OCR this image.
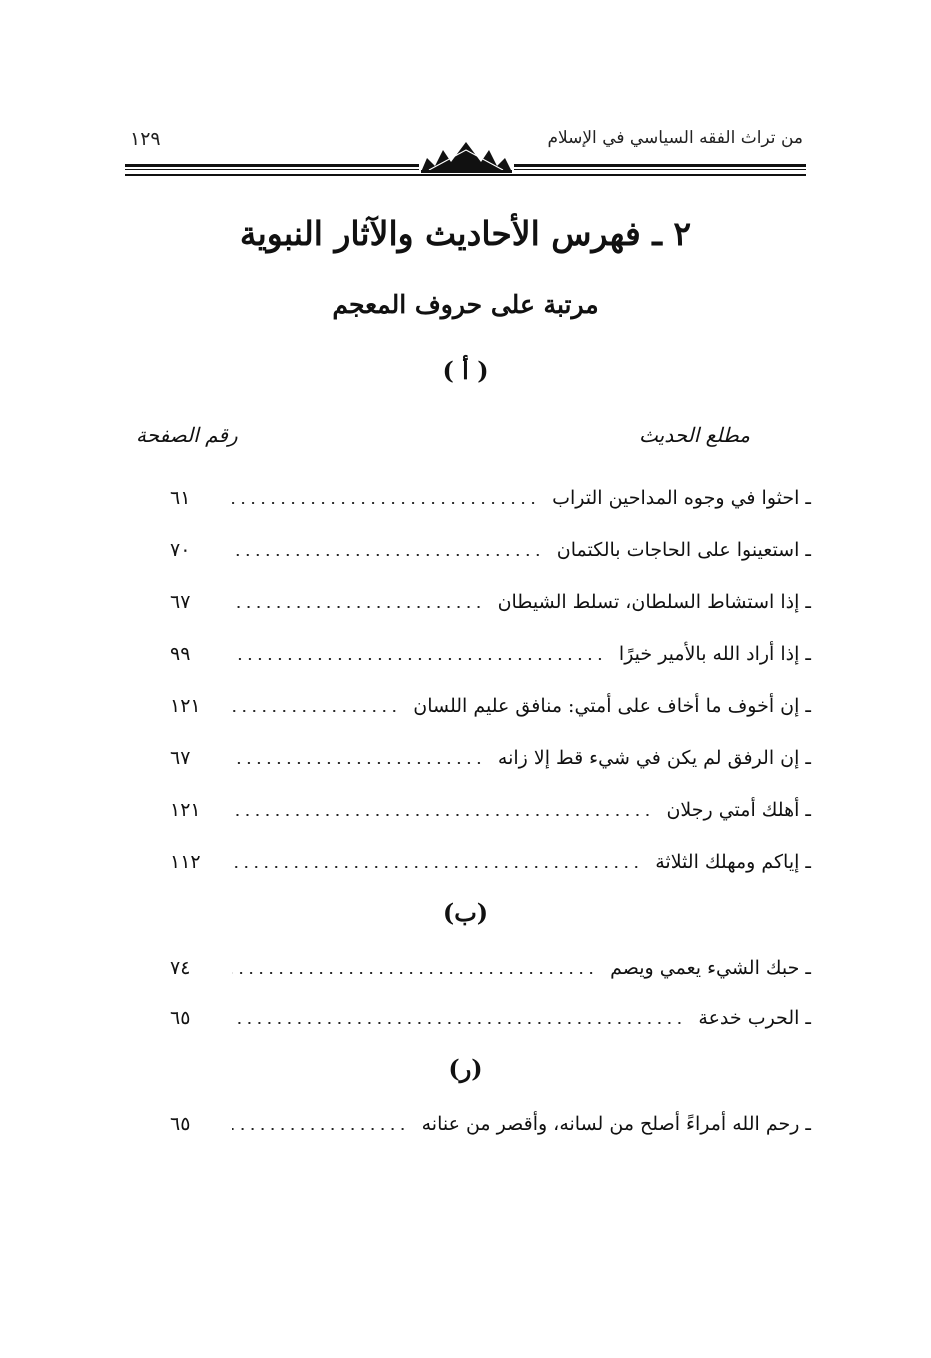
من تراث الفقه السياسي في الإسلام
١٢٩
٢ ـ فهرس الأحاديث والآثار النبوية
مرتبة على حروف المعجم
( أ )
مطلع الحديث
رقم الصفحة
ـ احثوا في وجوه المداحين التراب
٦١
ـ استعينوا على الحاجات بالكتمان
٧٠
ـ إذا استشاط السلطان، تسلط الشيطان
٦٧
ـ إذا أراد الله بالأمير خيرًا
٩٩
ـ إن أخوف ما أخاف على أمتي: منافق عليم اللسان
١٢١
ـ إن الرفق لم يكن في شيء قط إلا زانه
٦٧
ـ أهلك أمتي رجلان
١٢١
ـ إياكم ومهلك الثلاثة
١١٢
(ب)
ـ حبك الشيء يعمي ويصم
٧٤
ـ الحرب خدعة
٦٥
(ر)
ـ رحم الله أمراءً أصلح من لسانه، وأقصر من عنانه
٦٥
